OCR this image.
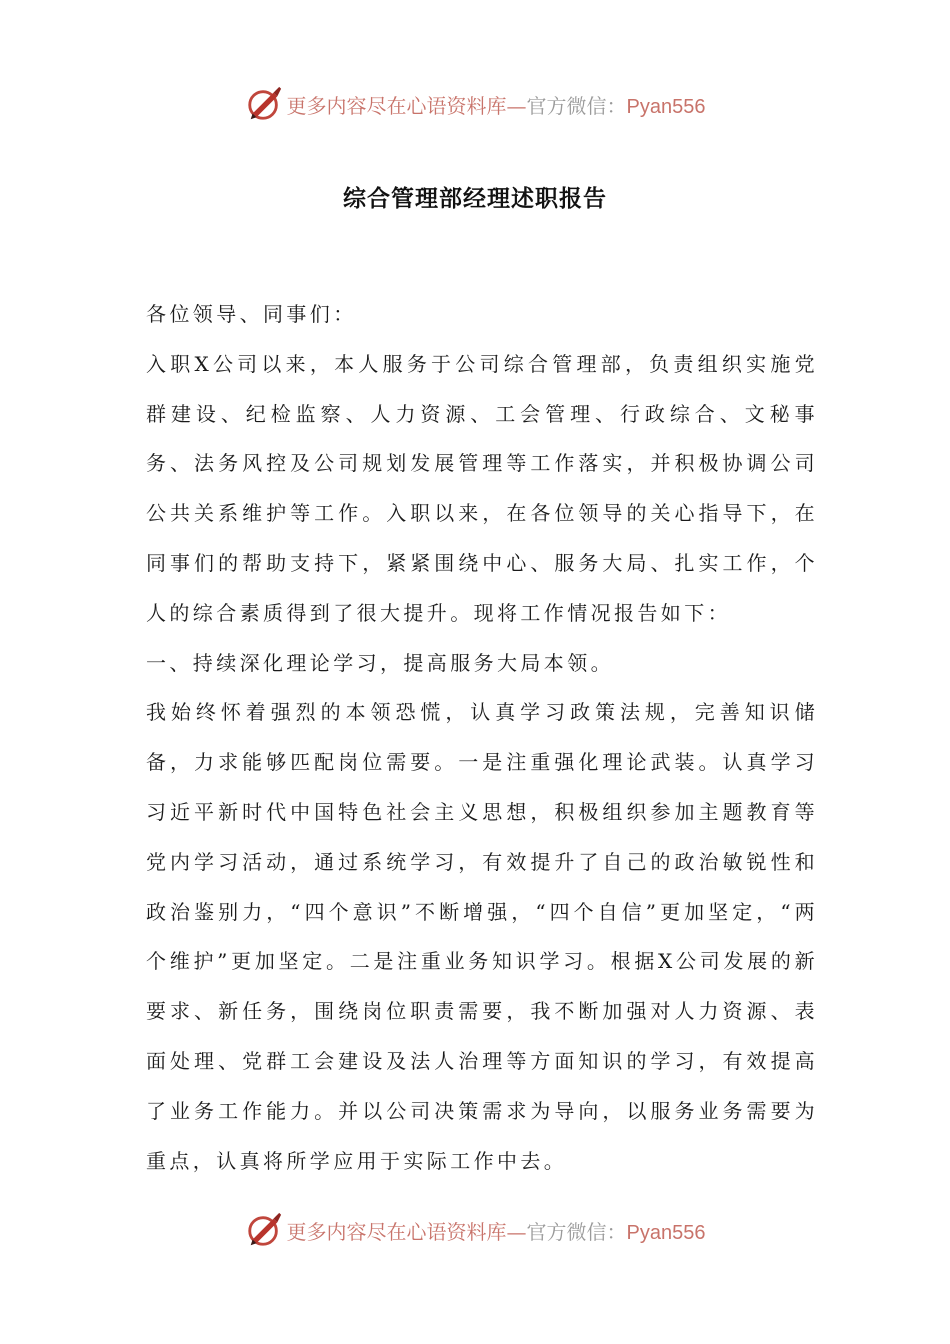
更多内容尽在心语资料库—官方微信：Pyan556
综合管理部经理述职报告

各位领导、同事们：

入职X公司以来，本人服务于公司综合管理部，负责组织实施党群建设、纪检监察、人力资源、工会管理、行政综合、文秘事务、法务风控及公司规划发展管理等工作落实，并积极协调公司公共关系维护等工作。入职以来，在各位领导的关心指导下，在同事们的帮助支持下，紧紧围绕中心、服务大局、扎实工作，个人的综合素质得到了很大提升。现将工作情况报告如下：

一、持续深化理论学习，提高服务大局本领。

我始终怀着强烈的本领恐慌，认真学习政策法规，完善知识储备，力求能够匹配岗位需要。一是注重强化理论武装。认真学习习近平新时代中国特色社会主义思想，积极组织参加主题教育等党内学习活动，通过系统学习，有效提升了自己的政治敏锐性和政治鉴别力，“四个意识”不断增强，“四个自信”更加坚定，“两个维护”更加坚定。二是注重业务知识学习。根据X公司发展的新要求、新任务，围绕岗位职责需要，我不断加强对人力资源、表面处理、党群工会建设及法人治理等方面知识的学习，有效提高了业务工作能力。并以公司决策需求为导向，以服务业务需要为重点，认真将所学应用于实际工作中去。

更多内容尽在心语资料库—官方微信：Pyan556
